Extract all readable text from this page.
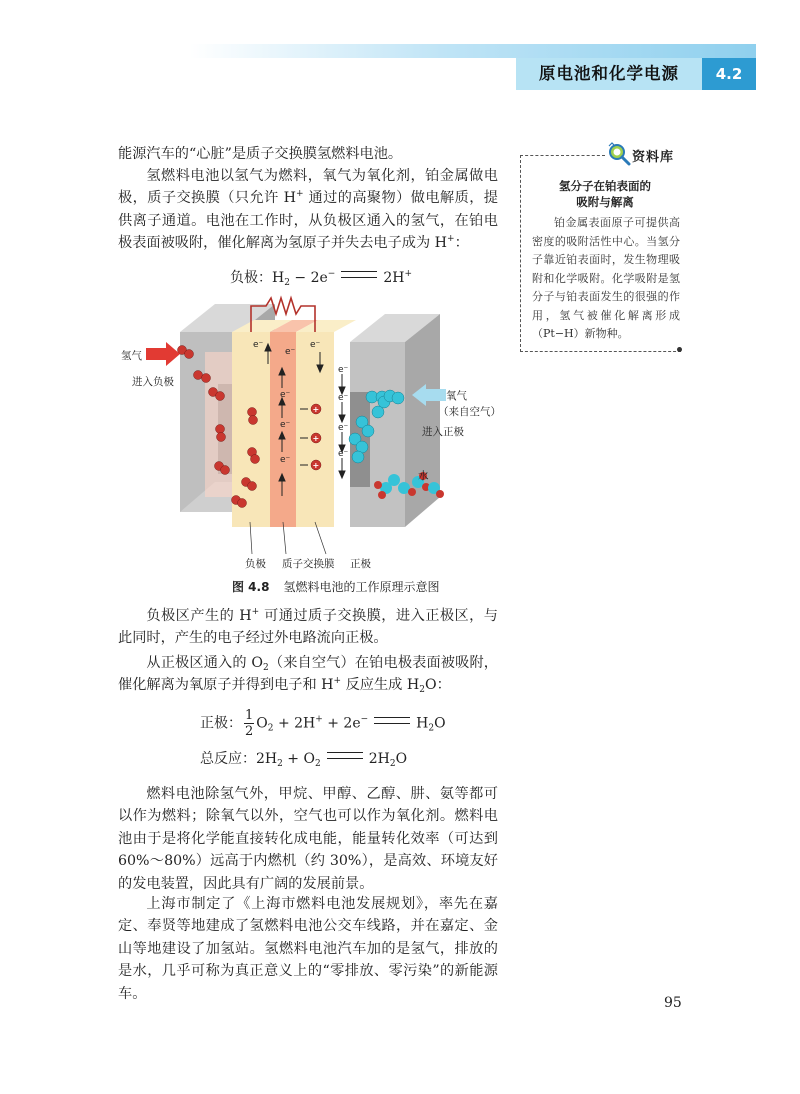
原电池和化学电源	4.2

能源汽车的“心脏”是质子交换膜氢燃料电池。

氢燃料电池以氢气为燃料，氧气为氧化剂，铂金属做电极，质子交换膜（只允许 H+ 通过的高聚物）做电解质，提供离子通道。电池在工作时，从负极区通入的氢气，在铂电极表面被吸附，催化解离为氢原子并失去电子成为 H+：

负极：$H_2 - 2e^-$	2H+
e⁻	e⁻
e⁻
e⁻
e⁻
e⁻
e⁻
e⁻
e⁻
e⁻
+
+
+
氢气
进入负极
氧气
（来自空气）
进入正极
水
负极 质子交换膜 正极
图 4.8 氢燃料电池的工作原理示意图

负极区产生的 H+ 可通过质子交换膜，进入正极区，与此同时，产生的电子经过外电路流向正极。

从正极区通入的 $O_2$（来自空气）在铂电极表面被吸附，催化解离为氧原子并得到电子和 H+ 反应生成 $H_2O$：

正极： $\frac{1}{2} O_2 + 2H^+ + 2e^-$	$H_2O$
总反应：$2H_2 + O_2$	$2H_2O$

燃料电池除氢气外，甲烷、甲醇、乙醇、肼、氨等都可以作为燃料；除氧气以外，空气也可以作为氧化剂。燃料电池由于是将化学能直接转化成电能，能量转化效率（可达到 60%～80%）远高于内燃机（约 30%），是高效、环境友好的发电装置，因此具有广阔的发展前景。

上海市制定了《上海市燃料电池发展规划》，率先在嘉定、奉贤等地建成了氢燃料电池公交车线路，并在嘉定、金山等地建设了加氢站。氢燃料电池汽车加的是氢气，排放的是水，几乎可称为真正意义上的“零排放、零污染”的新能源车。

资料库
氢分子在铂表面的
吸附与解离

铂金属表面原子可提供高密度的吸附活性中心。当氢分子靠近铂表面时，发生物理吸附和化学吸附。化学吸附是氢分子与铂表面发生的很强的作用，氢气被催化解离形成（Pt−H）新物种。

95
